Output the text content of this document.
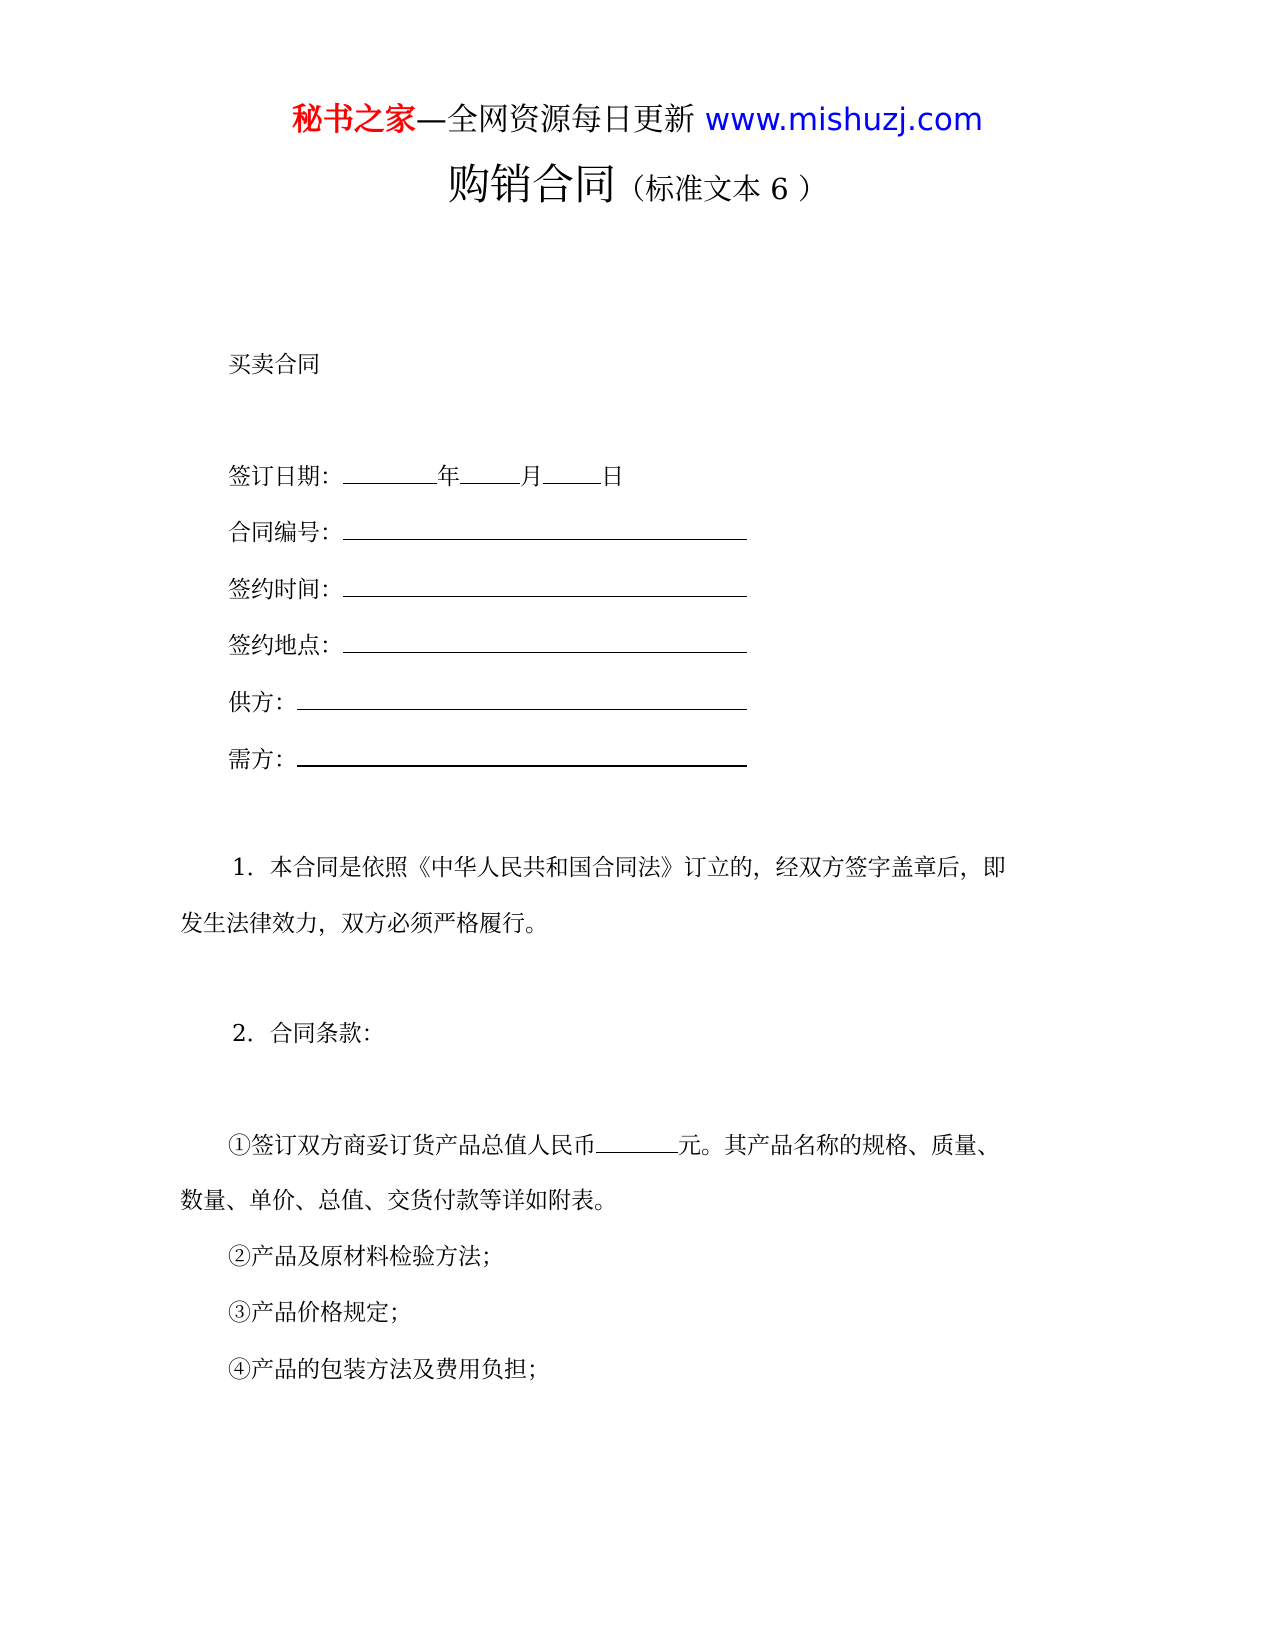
秘书之家—全网资源每日更新 www.mishuzj.com
购销合同（标准文本 6 ）
买卖合同
签订日期：	年	月	日
合同编号：
签约时间：
签约地点：
供方：
需方：
1．本合同是依照《中华人民共和国合同法》订立的，经双方签字盖章后，即
发生法律效力，双方必须严格履行。
2．合同条款：
①签订双方商妥订货产品总值人民币	元。其产品名称的规格、质量、
数量、单价、总值、交货付款等详如附表。
②产品及原材料检验方法；
③产品价格规定；
④产品的包装方法及费用负担；
